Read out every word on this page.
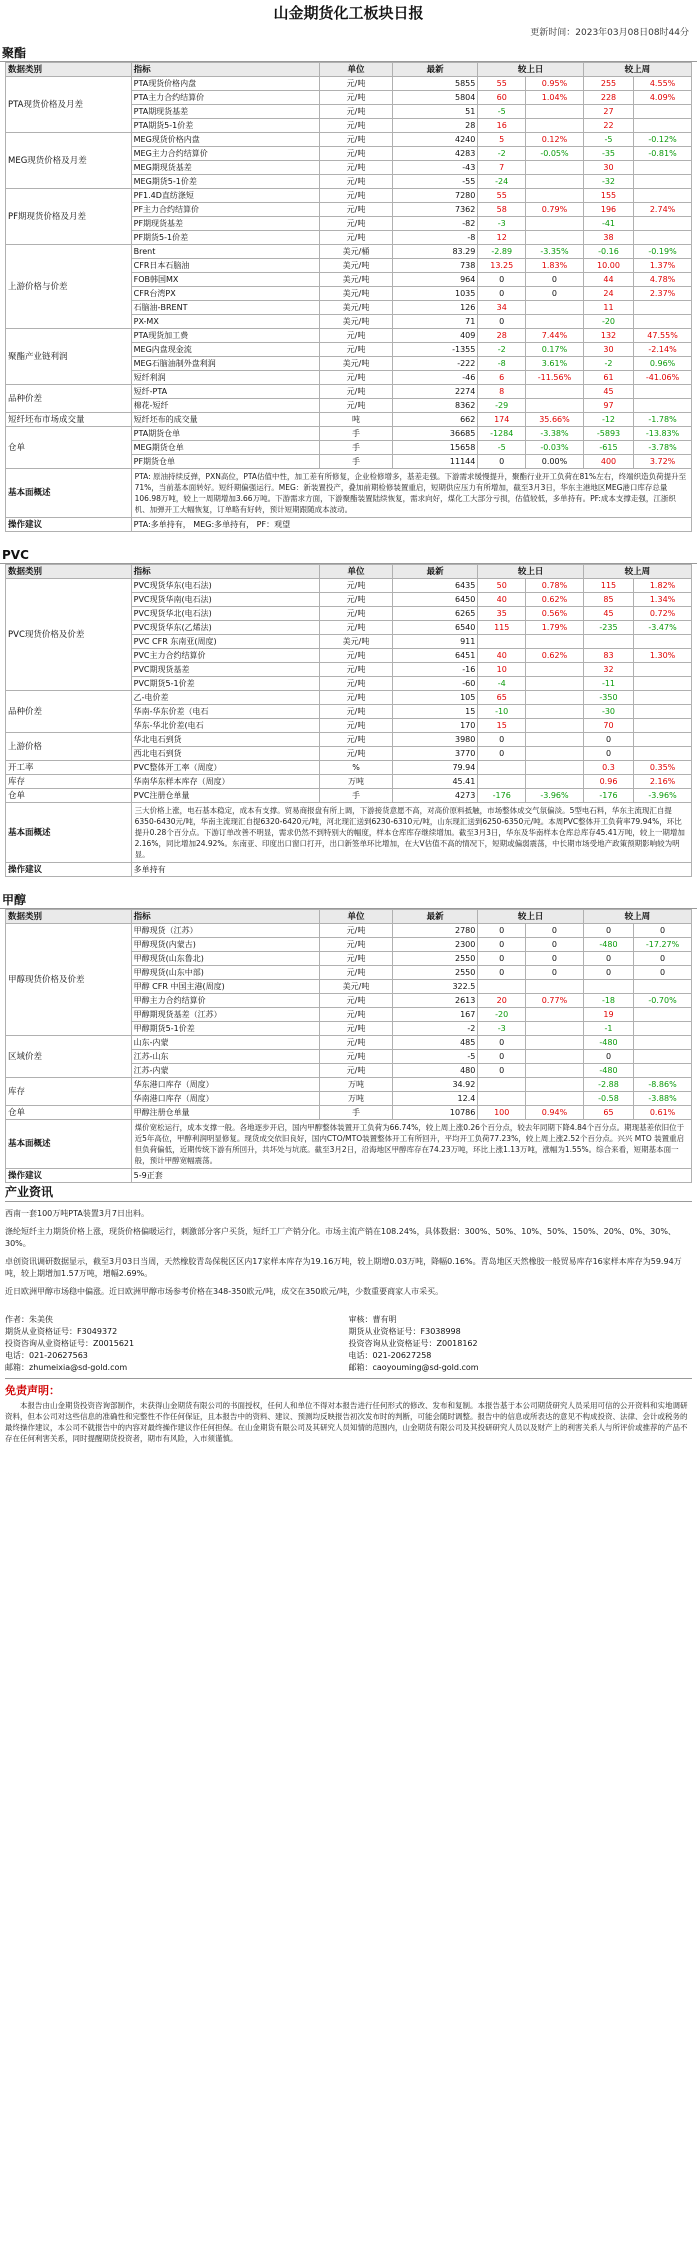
山金期货化工板块日报
更新时间：2023年03月08日08时44分
聚酯
数据类别	指标	单位	最新	较上日		较上周	
PTA现货价格及月差	PTA现货价格内盘	元/吨	5855	55	0.95%	255	4.55%
	PTA主力合约结算价	元/吨	5804	60	1.04%	228	4.09%
	PTA期现货基差	元/吨	51	-5		27	
	PTA期货5-1价差	元/吨	28	16		22	
MEG现货价格及月差	MEG现货价格内盘	元/吨	4240	5	0.12%	-5	-0.12%
	MEG主力合约结算价	元/吨	4283	-2	-0.05%	-35	-0.81%
	MEG期现货基差	元/吨	-43	7		30	
	MEG期货5-1价差	元/吨	-55	-24		-32	
PF期现货价格及月差	PF1.4D直纺涤短	元/吨	7280	55		155	
	PF主力合约结算价	元/吨	7362	58	0.79%	196	2.74%
	PF期现货基差	元/吨	-82	-3		-41	
	PF期货5-1价差	元/吨	-8	12		38	
上游价格与价差	Brent	美元/桶	83.29	-2.89	-3.35%	-0.16	-0.19%
	CFR日本石脑油	美元/吨	738	13.25	1.83%	10.00	1.37%
	FOB韩国MX	美元/吨	964	0	0	44	4.78%
	CFR台湾PX	美元/吨	1035	0	0	24	2.37%
	石脑油-BRENT	美元/吨	126	34		11	
	PX-MX	美元/吨	71	0		-20	
聚酯产业链利润	PTA现货加工费	元/吨	409	28	7.44%	132	47.55%
	MEG内盘现金流	元/吨	-1355	-2	0.17%	30	-2.14%
	MEG石脑油制外盘利润	美元/吨	-222	-8	3.61%	-2	0.96%
	短纤利润	元/吨	-46	6	-11.56%	61	-41.06%
品种价差	短纤-PTA	元/吨	2274	8		45	
	棉花-短纤	元/吨	8362	-29		97	
短纤坯布市场成交量	短纤坯布的成交量	吨	662	174	35.66%	-12	-1.78%
仓单	PTA期货仓单	手	36685	-1284	-3.38%	-5893	-13.83%
	MEG期货仓单	手	15658	-5	-0.03%	-615	-3.78%
	PF期货仓单	手	11144	0	0.00%	400	3.72%
基本面概述	PTA: 原油持续反弹，PXN高位，PTA估值中性，加工差有所修复，企业检修增多，基差走强。下游需求缓慢提升，聚酯行业开工负荷在81%左右，终端织造负荷提升至71%，当前基本面转好。短纤期偏强运行。MEG：新装置投产，叠加前期检修装置重启，短期供应压力有所增加，截至3月3日，华东主港地区MEG港口库存总量106.98万吨，较上一周期增加3.66万吨。下游需求方面，下游聚酯装置陆续恢复，需求向好，煤化工大部分亏损，估值较低，多单持有。PF:成本支撑走强，江浙织机、加弹开工大幅恢复，订单略有好转，预计短期跟随成本波动。						
操作建议	PTA:多单持有， MEG:多单持有， PF：观望						
PVC
数据类别	指标	单位	最新	较上日		较上周	
PVC现货价格及价差	PVC现货华东(电石法)	元/吨	6435	50	0.78%	115	1.82%
	PVC现货华南(电石法)	元/吨	6450	40	0.62%	85	1.34%
	PVC现货华北(电石法)	元/吨	6265	35	0.56%	45	0.72%
	PVC现货华东(乙烯法)	元/吨	6540	115	1.79%	-235	-3.47%
	PVC CFR 东南亚(周度)	美元/吨	911				
	PVC主力合约结算价	元/吨	6451	40	0.62%	83	1.30%
	PVC期现货基差	元/吨	-16	10		32	
	PVC期货5-1价差	元/吨	-60	-4		-11	
品种价差	乙-电价差	元/吨	105	65		-350	
	华南-华东价差（电石	元/吨	15	-10		-30	
	华东-华北价差(电石	元/吨	170	15		70	
上游价格	华北电石到货	元/吨	3980	0		0	
	西北电石到货	元/吨	3770	0		0	
开工率	PVC整体开工率（周度）	%	79.94			0.3	0.35%
库存	华南华东样本库存（周度）	万吨	45.41			0.96	2.16%
仓单	PVC注册仓单量	手	4273	-176	-3.96%	-176	-3.96%
基本面概述	三大价格上涨，电石基本稳定，成本有支撑。贸易商报盘有所上调，下游接货意愿不高，对高价原料抵触，市场整体成交气氛偏淡。5型电石料，华东主流现汇自提6350-6430元/吨，华南主流现汇自提6320-6420元/吨，河北现汇送到6230-6310元/吨，山东现汇送到6250-6350元/吨。本周PVC整体开工负荷率79.94%，环比提升0.28个百分点。下游订单改善不明显，需求仍然不到特别大的幅度，样本仓库库存继续增加。截至3月3日，华东及华南样本仓库总库存45.41万吨，较上一期增加2.16%，同比增加24.92%。东南亚、印度出口窗口打开，出口新签单环比增加，在大V估值不高的情况下，短期或偏弱震荡，中长期市场受地产政策预期影响较为明显。						
操作建议	多单持有						
甲醇
数据类别	指标	单位	最新	较上日		较上周	
甲醇现货价格及价差	甲醇现货（江苏）	元/吨	2780	0	0	0	0
	甲醇现货(内蒙古)	元/吨	2300	0	0	-480	-17.27%
	甲醇现货(山东鲁北)	元/吨	2550	0	0	0	0
	甲醇现货(山东中部)	元/吨	2550	0	0	0	0
	甲醇 CFR 中国主港(周度)	美元/吨	322.5				
	甲醇主力合约结算价	元/吨	2613	20	0.77%	-18	-0.70%
	甲醇期现货基差（江苏）	元/吨	167	-20		19	
	甲醇期货5-1价差	元/吨	-2	-3		-1	
区域价差	山东-内蒙	元/吨	485	0		-480	
	江苏-山东	元/吨	-5	0		0	
	江苏-内蒙	元/吨	480	0		-480	
库存	华东港口库存（周度）	万吨	34.92			-2.88	-8.86%
	华南港口库存（周度）	万吨	12.4			-0.58	-3.88%
仓单	甲醇注册仓单量	手	10786	100	0.94%	65	0.61%
基本面概述	煤价宽松运行，成本支撑一般。各地逐步开启，国内甲醇整体装置开工负荷为66.74%，较上周上涨0.26个百分点，较去年同期下降4.84个百分点。期现基差依旧位于近5年高位，甲醇利润明显修复。现货成交依旧良好，国内CTO/MTO装置整体开工有所回升，平均开工负荷77.23%，较上周上涨2.52个百分点。兴兴 MTO 装置重启但负荷偏低，近期传统下游有所回升，共坏处与坑底。截至3月2日，沿海地区甲醇库存在74.23万吨，环比上涨1.13万吨，涨幅为1.55%。综合来看，短期基本面一般，预计甲醇宽幅震荡。						
操作建议	5-9正套						
产业资讯

西南一套100万吨PTA装置3月7日出料。

涤纶短纤主力期货价格上涨，现货价格偏暖运行，刺激部分客户买货，短纤工厂产销分化。市场主流产销在108.24%，具体数据：300%、50%、10%、50%、150%、20%、0%、30%、30%。

卓创资讯调研数据显示，截至3月03日当周，天然橡胶青岛保税区区内17家样本库存为19.16万吨，较上期增0.03万吨，降幅0.16%。青岛地区天然橡胶一般贸易库存16家样本库存为59.94万吨，较上期增加1.57万吨，增幅2.69%。

近日欧洲甲醇市场稳中偏涨。近日欧洲甲醇市场参考价格在348-350欧元/吨，成交在350欧元/吨，少数重要商家人市采买。

作者：朱美侠
期货从业资格证号：F3049372
投资咨询从业资格证号：Z0015621
电话：021-20627563
邮箱：zhumeixia@sd-gold.com
审核：曹有明
期货从业资格证号：F3038998
投资咨询从业资格证号：Z0018162
电话：021-20627258
邮箱：caoyouming@sd-gold.com
免责声明：
本报告由山金期货投资咨询部制作，未获得山金期货有限公司的书面授权，任何人和单位不得对本报告进行任何形式的修改、发布和复制。本报告基于本公司期货研究人员采用可信的公开资料和实地调研资料，但本公司对这些信息的准确性和完整性不作任何保证，且本报告中的资料、建议、预测均反映报告初次发布时的判断，可能会随时调整。报告中的信息或所表达的意见不构成投资、法律、会计或税务的最终操作建议，本公司不就报告中的内容对最终操作建议作任何担保。在山金期货有限公司及其研究人员知情的范围内，山金期货有限公司及其投研研究人员以及财产上的利害关系人与所评价或推荐的产品不存在任何利害关系，同时提醒期货投资者，期市有风险，入市须谨慎。
